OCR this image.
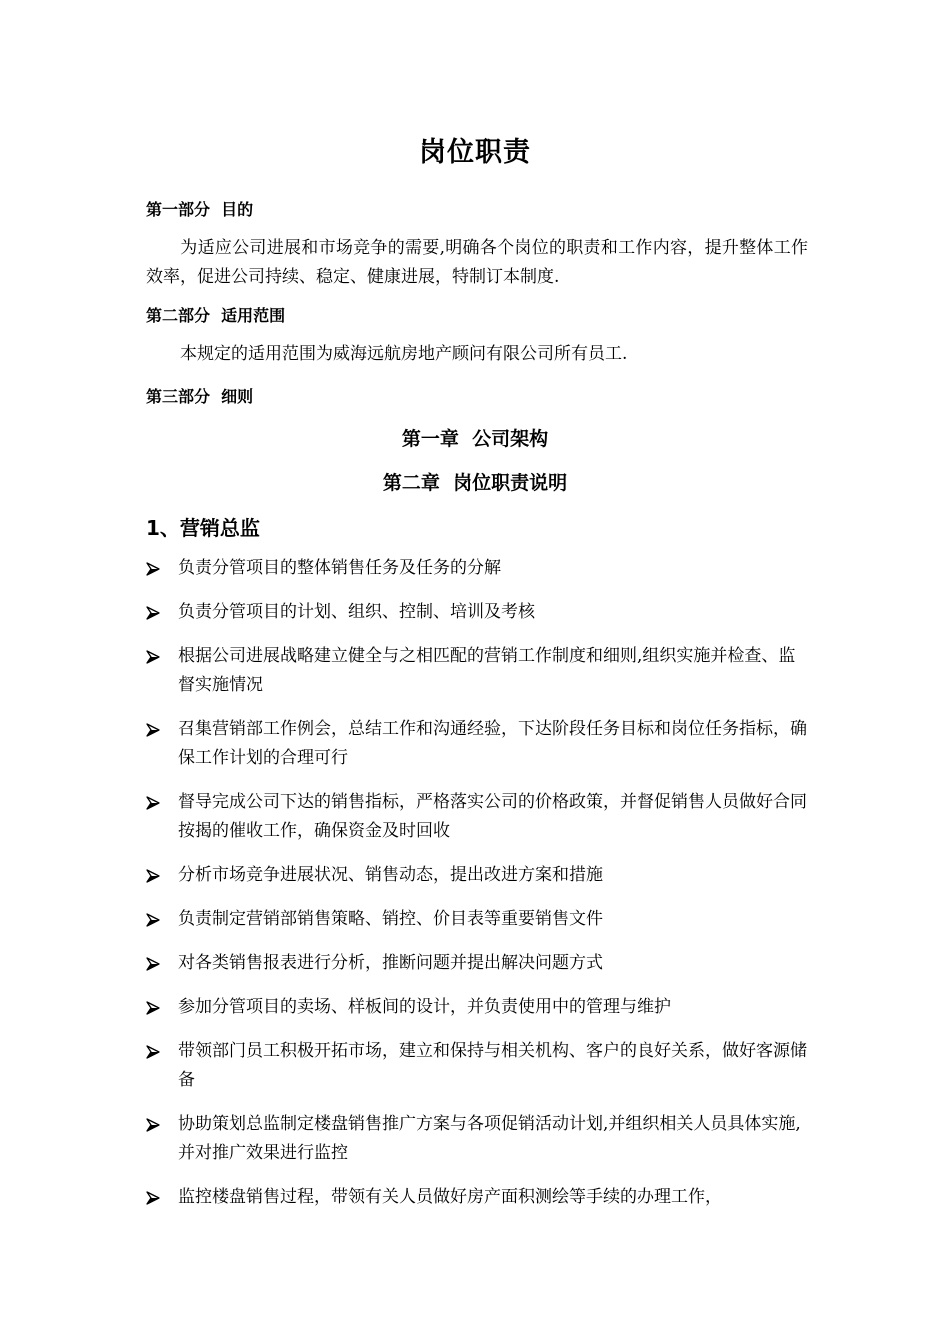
岗位职责
第一部分  目的
为适应公司进展和市场竞争的需要,明确各个岗位的职责和工作内容，提升整体工作效率，促进公司持续、稳定、健康进展，特制订本制度.
第二部分  适用范围
本规定的适用范围为威海远航房地产顾问有限公司所有员工.
第三部分  细则
第一章  公司架构
第二章  岗位职责说明
1、营销总监
负责分管项目的整体销售任务及任务的分解
负责分管项目的计划、组织、控制、培训及考核
根据公司进展战略建立健全与之相匹配的营销工作制度和细则,组织实施并检查、监督实施情况
召集营销部工作例会，总结工作和沟通经验，下达阶段任务目标和岗位任务指标，确保工作计划的合理可行
督导完成公司下达的销售指标，严格落实公司的价格政策，并督促销售人员做好合同按揭的催收工作，确保资金及时回收
分析市场竞争进展状况、销售动态，提出改进方案和措施
负责制定营销部销售策略、销控、价目表等重要销售文件
对各类销售报表进行分析，推断问题并提出解决问题方式
参加分管项目的卖场、样板间的设计，并负责使用中的管理与维护
带领部门员工积极开拓市场，建立和保持与相关机构、客户的良好关系，做好客源储备
协助策划总监制定楼盘销售推广方案与各项促销活动计划,并组织相关人员具体实施,并对推广效果进行监控
监控楼盘销售过程，带领有关人员做好房产面积测绘等手续的办理工作，
